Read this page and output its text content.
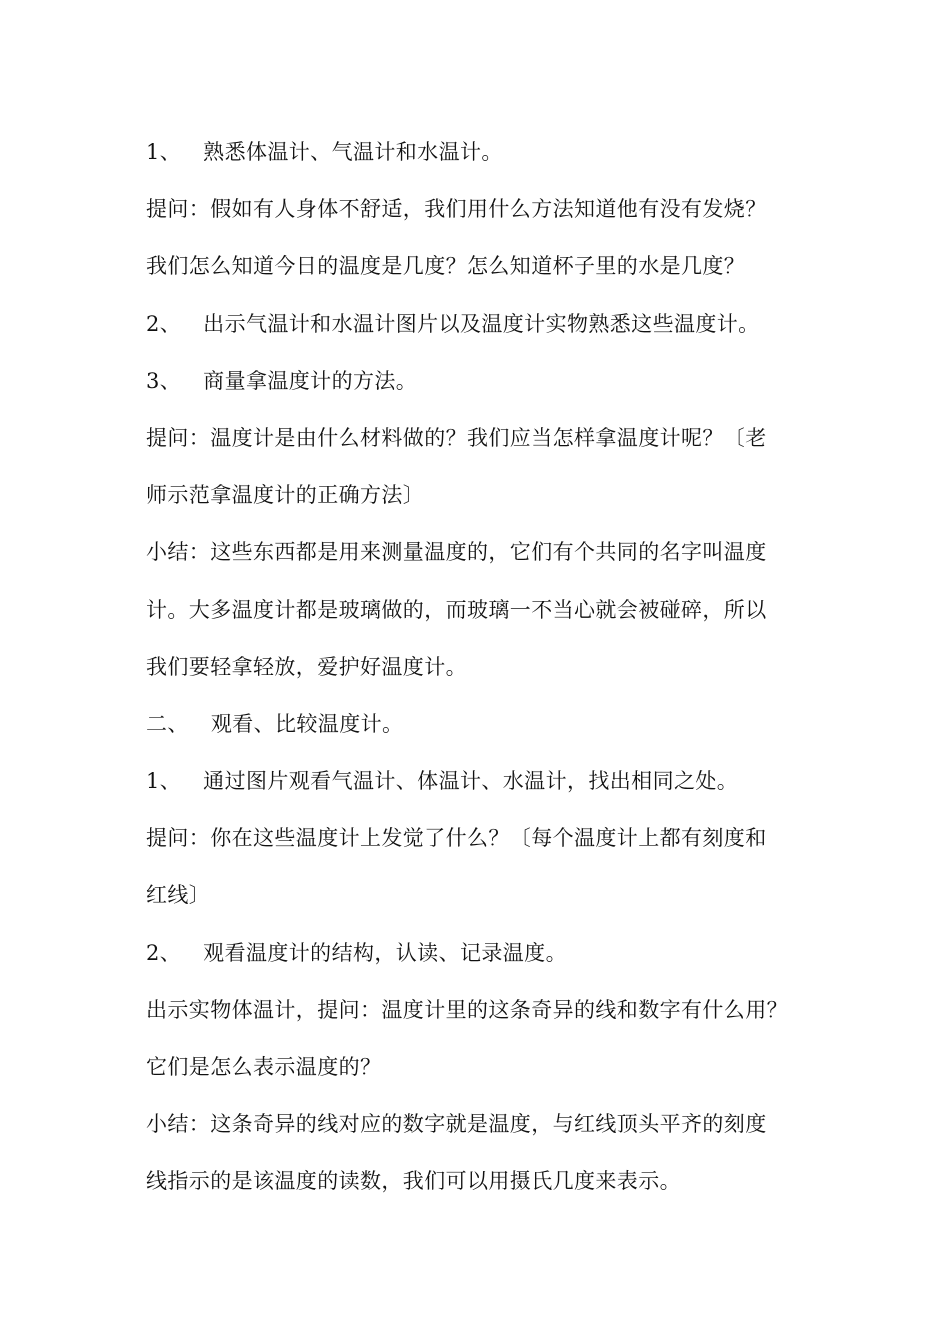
1、 熟悉体温计、气温计和水温计。
提问：假如有人身体不舒适，我们用什么方法知道他有没有发烧？
我们怎么知道今日的温度是几度？怎么知道杯子里的水是几度？
2、 出示气温计和水温计图片以及温度计实物熟悉这些温度计。
3、 商量拿温度计的方法。
提问：温度计是由什么材料做的？我们应当怎样拿温度计呢？〔老
师示范拿温度计的正确方法〕
小结：这些东西都是用来测量温度的，它们有个共同的名字叫温度
计。大多温度计都是玻璃做的，而玻璃一不当心就会被碰碎，所以
我们要轻拿轻放，爱护好温度计。
二、 观看、比较温度计。
1、 通过图片观看气温计、体温计、水温计，找出相同之处。
提问：你在这些温度计上发觉了什么？〔每个温度计上都有刻度和
红线〕
2、 观看温度计的结构，认读、记录温度。
出示实物体温计，提问：温度计里的这条奇异的线和数字有什么用？
它们是怎么表示温度的？
小结：这条奇异的线对应的数字就是温度，与红线顶头平齐的刻度
线指示的是该温度的读数，我们可以用摄氏几度来表示。
